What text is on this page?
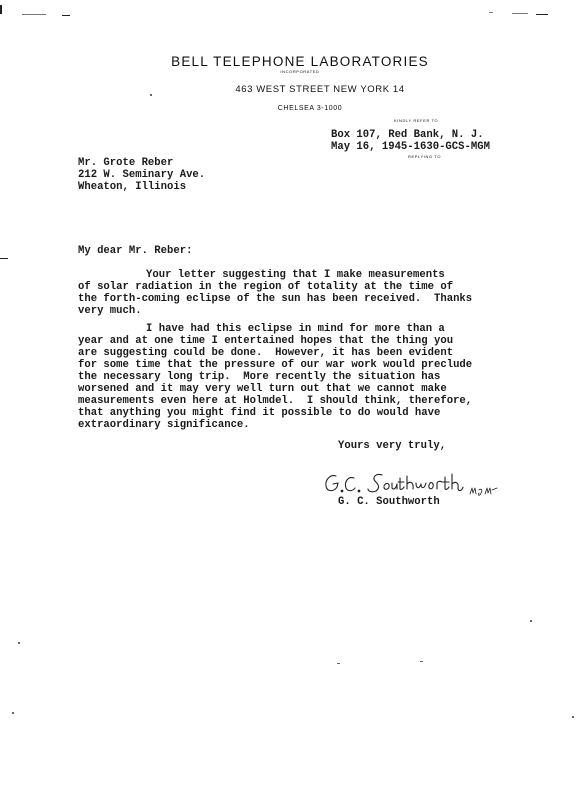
BELL TELEPHONE LABORATORIES
INCORPORATED
463 WEST STREET NEW YORK 14
CHELSEA 3-1000
KINDLY REFER TO
REPLYING TO
Box 107, Red Bank, N. J.
May 16, 1945-1630-GCS-MGM
Mr. Grote Reber
212 W. Seminary Ave.
Wheaton, Illinois
My dear Mr. Reber:
Your letter suggesting that I make measurements
of solar radiation in the region of totality at the time of
the forth-coming eclipse of the sun has been received.  Thanks
very much.
I have had this eclipse in mind for more than a
year and at one time I entertained hopes that the thing you
are suggesting could be done.  However, it has been evident
for some time that the pressure of our war work would preclude
the necessary long trip.  More recently the situation has
worsened and it may very well turn out that we cannot make
measurements even here at Holmdel.  I should think, therefore,
that anything you might find it possible to do would have
extraordinary significance.
Yours very truly,
G. C. Southworth
